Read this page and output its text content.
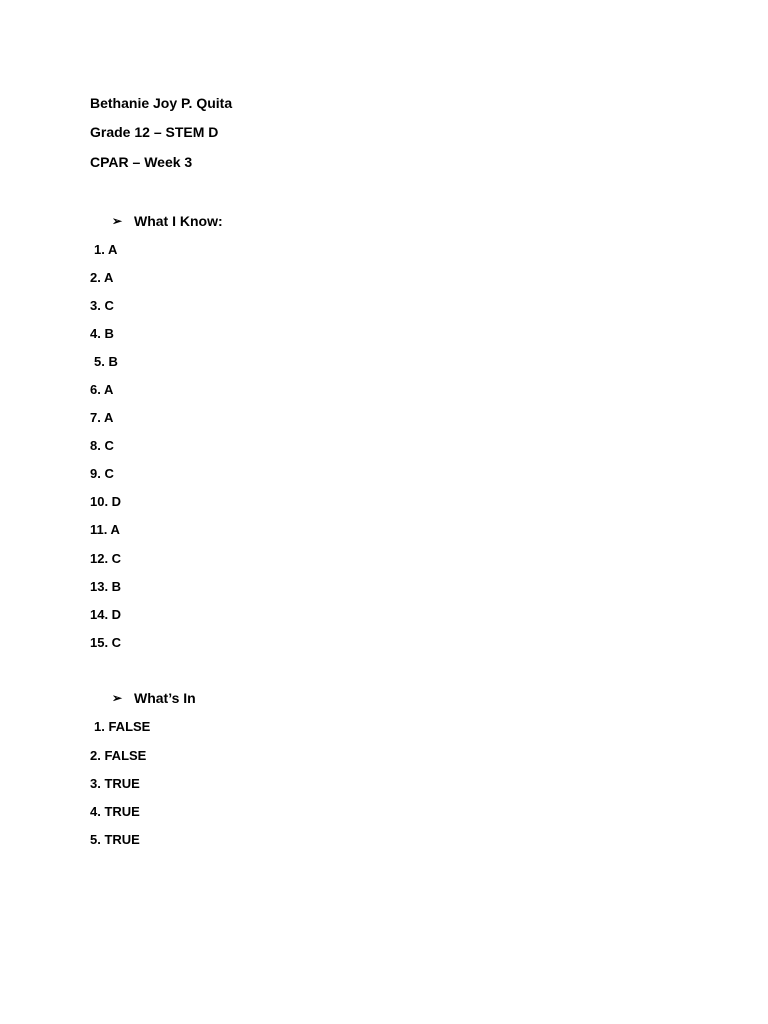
Bethanie Joy P. Quita
Grade 12 – STEM D
CPAR – Week 3
➢ What I Know:
1. A
2. A
3. C
4. B
5. B
6. A
7. A
8. C
9. C
10. D
11. A
12. C
13. B
14. D
15. C
➢ What’s In
1. FALSE
2. FALSE
3. TRUE
4. TRUE
5. TRUE
